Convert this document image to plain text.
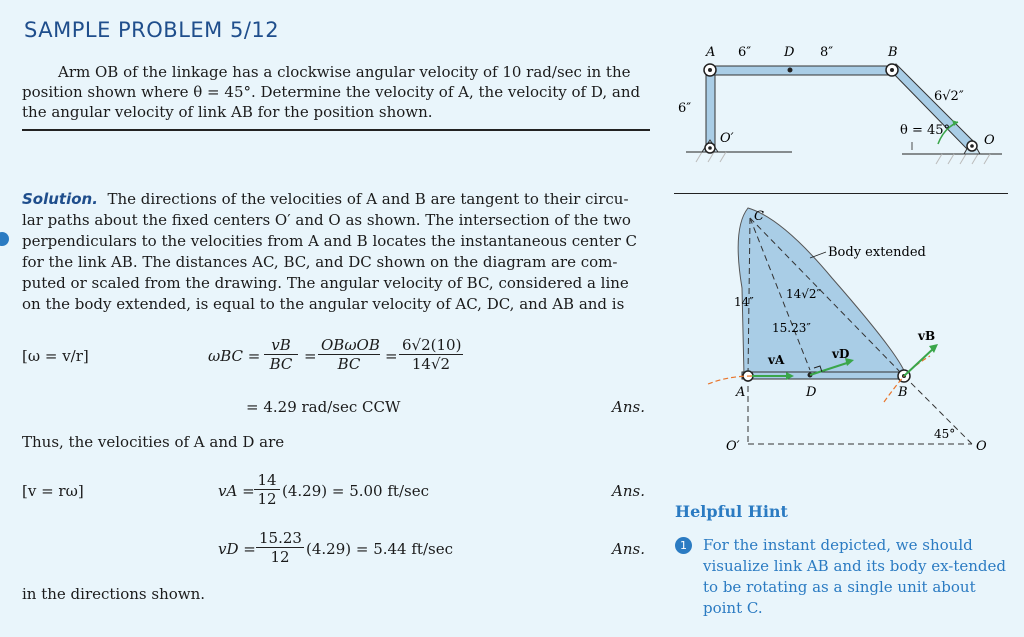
SAMPLE PROBLEM 5/12
Arm OB of the linkage has a clockwise angular velocity of 10 rad/sec in the
position shown where θ = 45°. Determine the velocity of A, the velocity of D, and
the angular velocity of link AB for the position shown.
Solution. The directions of the velocities of A and B are tangent to their circu-
lar paths about the fixed centers O′ and O as shown. The intersection of the two
perpendiculars to the velocities from A and B locates the instantaneous center C
for the link AB. The distances AC, BC, and DC shown on the diagram are com-
puted or scaled from the drawing. The angular velocity of BC, considered a line
on the body extended, is equal to the angular velocity of AC, DC, and AB and is
[ω = v/r]	$\omega BC = \frac{vB}{BC}$ =
OBωOB
BC	= $\frac{6√2(10)}{14√2}$
= 4.29 rad/sec CCW	Ans.
Thus, the velocities of A and D are
[v = rω]	vA = $\frac{14}{12} (4.29) = 5.00$ ft/sec	Ans.
vD = $\frac{15.23}{12} (4.29) = 5.44$ ft/sec	Ans.
in the directions shown.
A 6″	D 8″	B
6″
O′
6√2″
θ = 45°
O
C
Body extended
14″
14√2″
15.23″
vA	vD
vB
A	D	B
O′	O
45°
Helpful Hint
1	For the instant depicted, we should visualize link AB and its body ex-tended to be rotating as a single unit about point C.
